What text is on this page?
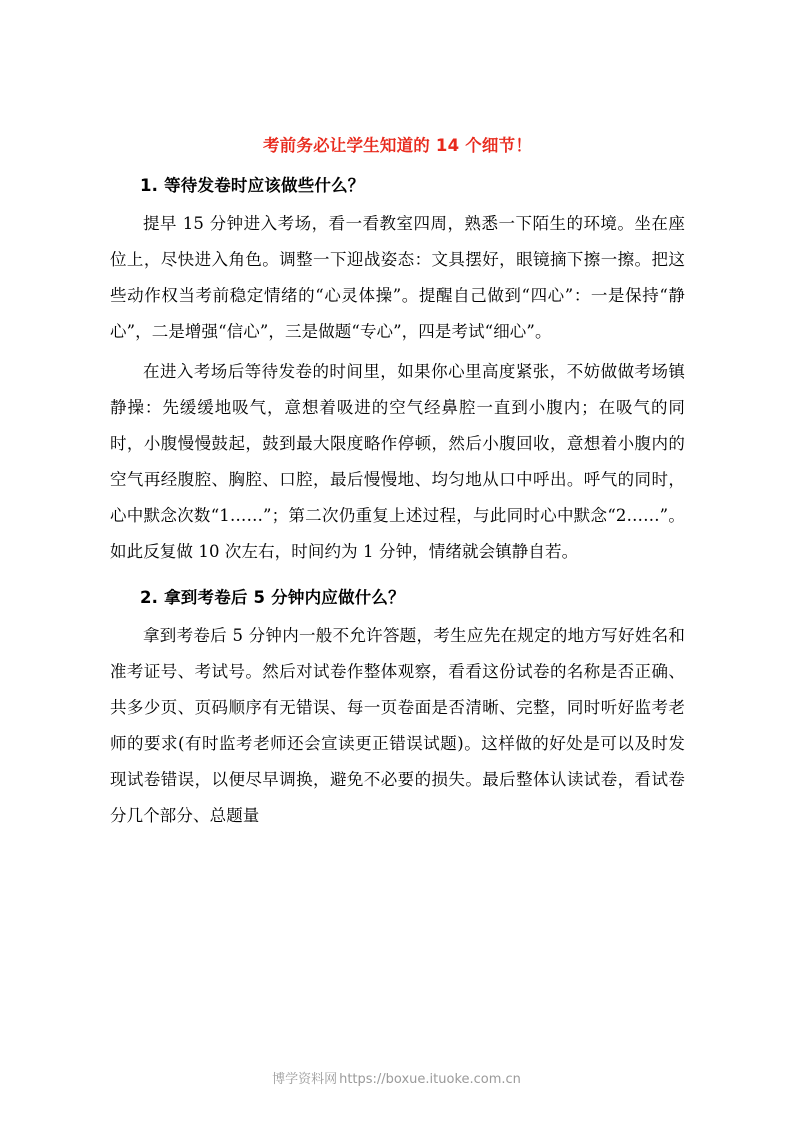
考前务必让学生知道的 14 个细节！
1. 等待发卷时应该做些什么？

提早 15 分钟进入考场，看一看教室四周，熟悉一下陌生的环境。坐在座位上，尽快进入角色。调整一下迎战姿态：文具摆好，眼镜摘下擦一擦。把这些动作权当考前稳定情绪的“心灵体操”。提醒自己做到“四心”：一是保持“静心”，二是增强“信心”，三是做题“专心”，四是考试“细心”。

在进入考场后等待发卷的时间里，如果你心里高度紧张，不妨做做考场镇静操：先缓缓地吸气，意想着吸进的空气经鼻腔一直到小腹内；在吸气的同时，小腹慢慢鼓起，鼓到最大限度略作停顿，然后小腹回收，意想着小腹内的空气再经腹腔、胸腔、口腔，最后慢慢地、均匀地从口中呼出。呼气的同时，心中默念次数“1……”；第二次仍重复上述过程，与此同时心中默念“2……”。如此反复做 10 次左右，时间约为 1 分钟，情绪就会镇静自若。

2. 拿到考卷后 5 分钟内应做什么？

拿到考卷后 5 分钟内一般不允许答题，考生应先在规定的地方写好姓名和准考证号、考试号。然后对试卷作整体观察，看看这份试卷的名称是否正确、共多少页、页码顺序有无错误、每一页卷面是否清晰、完整，同时听好监考老师的要求(有时监考老师还会宣读更正错误试题)。这样做的好处是可以及时发现试卷错误，以便尽早调换，避免不必要的损失。最后整体认读试卷，看试卷分几个部分、总题量

博学资料网 https://boxue.ituoke.com.cn
